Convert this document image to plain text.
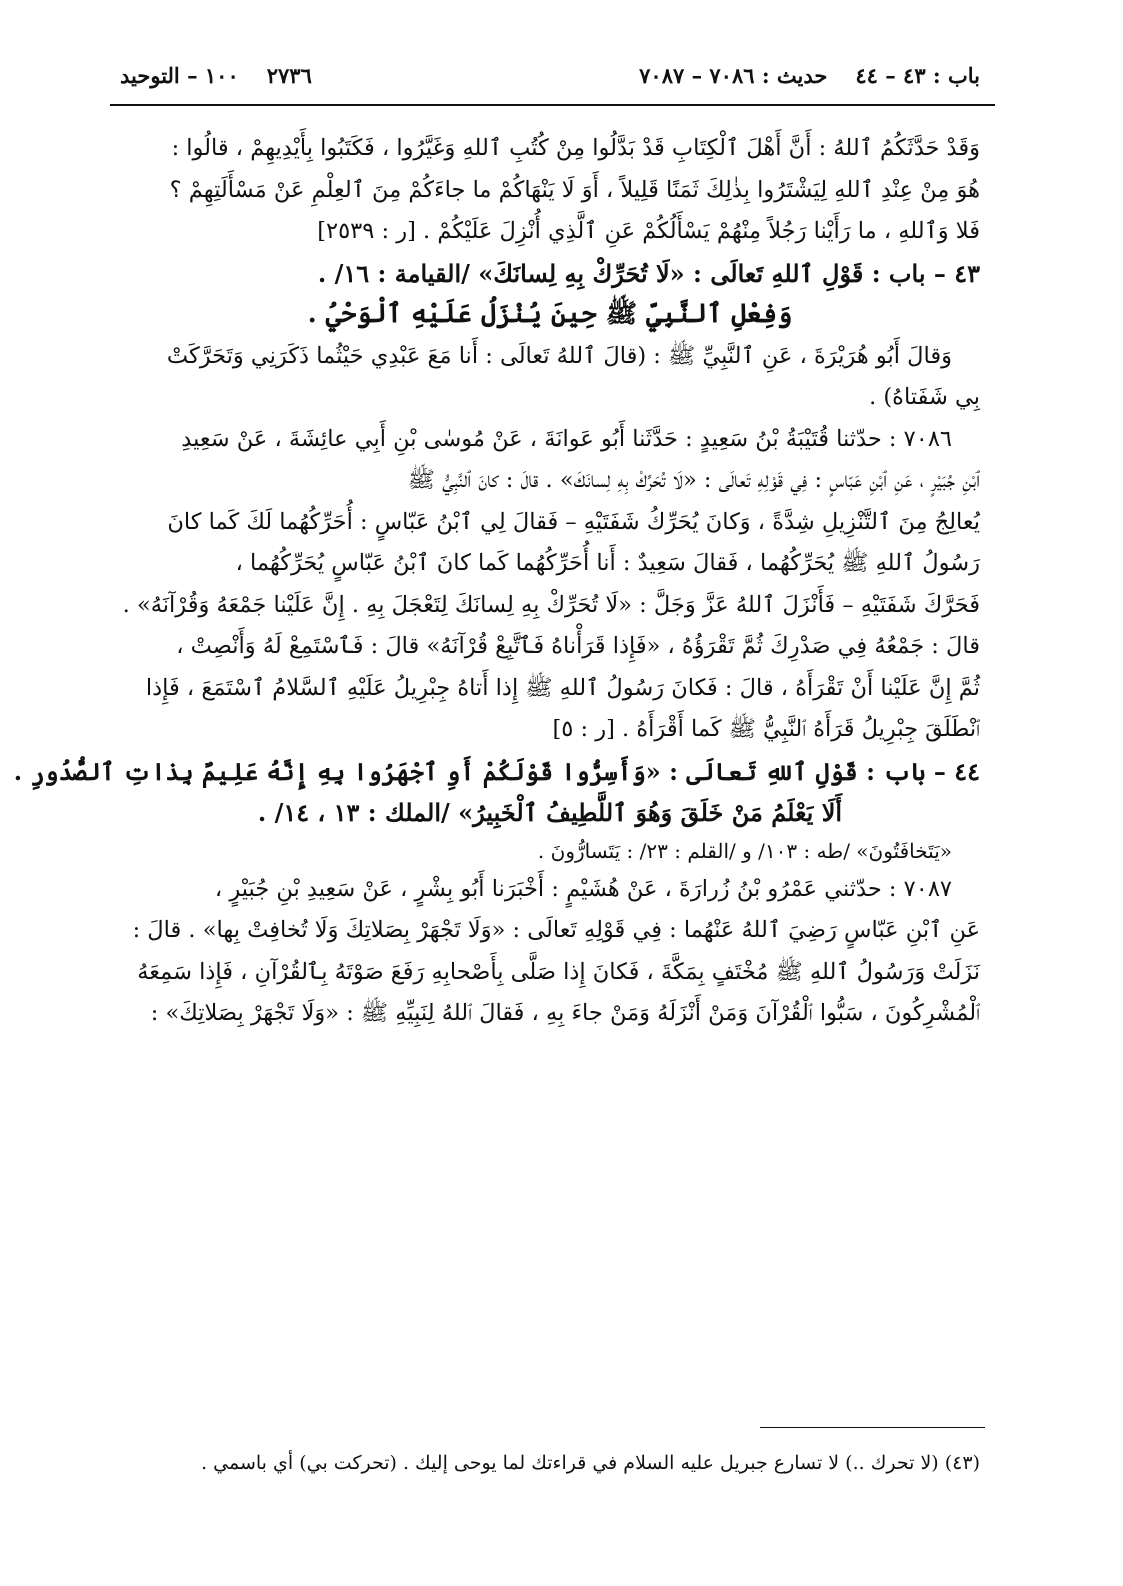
٢٧٣٦
١٠٠ – التوحيد	باب : ٤٣ – ٤٤
حديث : ٧٠٨٦ – ٧٠٨٧

وَقَدْ حَدَّثَكُمُ ٱللهُ : أَنَّ أَهْلَ ٱلْكِتَابِ قَدْ بَدَّلُوا مِنْ كُتُبِ ٱللهِ وَغَيَّرُوا ، فَكَتَبُوا بِأَيْدِيهِمْ ، قالُوا :

هُوَ مِنْ عِنْدِ ٱللهِ لِيَشْتَرُوا بِذٰلِكَ ثَمَنًا قَلِيلاً ، أَوَ لَا يَنْهَاكُمْ ما جاءَكُمْ مِنَ ٱلعِلْمِ عَنْ مَسْأَلَتِهِمْ ؟

فَلا وَٱللهِ ، ما رَأَيْنا رَجُلاً مِنْهُمْ يَسْأَلُكُمْ عَنِ ٱلَّذِي أُنْزِلَ عَلَيْكُمْ . [ر : ٢٥٣٩]

٤٣ – باب : قَوْلِ ٱللهِ تَعالَى : «لَا تُحَرِّكْ بِهِ لِسانَكَ» /القيامة : ١٦/ .

وَفِعْلِ ٱلنَّبِيِّ ﷺ حِينَ يُنْزَلُ عَلَيْهِ ٱلْوَحْيُ .

وَقالَ أَبُو هُرَيْرَةَ ، عَنِ ٱلنَّبِيِّ ﷺ : (قالَ ٱللهُ تَعالَى : أَنا مَعَ عَبْدِي حَيْثُما ذَكَرَنِي وَتَحَرَّكَتْ

بِي شَفَتاهُ) .

٧٠٨٦ : حدّثنا قُتَيْبَةُ بْنُ سَعِيدٍ : حَدَّثَنا أَبُو عَوانَةَ ، عَنْ مُوسٰى بْنِ أَبِي عائِشَةَ ، عَنْ سَعِيدِ

ٱبْنِ جُبَيْرٍ ، عَنِ ٱبْنِ عَبّاسٍ : فِي قَوْلِهِ تَعالَى : «لَا تُحَرِّكْ بِهِ لِسانَكَ» . قالَ : كانَ ٱلنَّبِيُّ ﷺ

يُعالِجُ مِنَ ٱلتَّنْزِيلِ شِدَّةً ، وَكانَ يُحَرِّكُ شَفَتَيْهِ – فَقالَ لِي ٱبْنُ عَبّاسٍ : أُحَرِّكُهُما لَكَ كَما كانَ

رَسُولُ ٱللهِ ﷺ يُحَرِّكُهُما ، فَقالَ سَعِيدٌ : أَنا أُحَرِّكُهُما كَما كانَ ٱبْنُ عَبّاسٍ يُحَرِّكُهُما ،

فَحَرَّكَ شَفَتَيْهِ – فَأَنْزَلَ ٱللهُ عَزَّ وَجَلَّ : «لَا تُحَرِّكْ بِهِ لِسانَكَ لِتَعْجَلَ بِهِ . إِنَّ عَلَيْنا جَمْعَهُ وَقُرْآنَهُ» .

قالَ : جَمْعُهُ فِي صَدْرِكَ ثُمَّ تَقْرَؤُهُ ، «فَإِذا قَرَأْناهُ فَٱتَّبِعْ قُرْآنَهُ» قالَ : فَٱسْتَمِعْ لَهُ وَأَنْصِتْ ،

ثُمَّ إِنَّ عَلَيْنا أَنْ تَقْرَأَهُ ، قالَ : فَكانَ رَسُولُ ٱللهِ ﷺ إِذا أَتاهُ جِبْرِيلُ عَلَيْهِ ٱلسَّلامُ ٱسْتَمَعَ ، فَإِذا

ٱنْطَلَقَ جِبْرِيلُ قَرَأَهُ ٱلنَّبِيُّ ﷺ كَما أَقْرَأَهُ . [ر : ٥]

٤٤ – باب : قَوْلِ ٱللهِ تَعالَى : «وَأَسِرُّوا قَوْلَكُمْ أَوِ ٱجْهَرُوا بِهِ إِنَّهُ عَلِيمٌ بِذاتِ ٱلصُّدُورِ .

أَلَا يَعْلَمُ مَنْ خَلَقَ وَهُوَ ٱللَّطِيفُ ٱلْخَبِيرُ» /الملك : ١٣ ، ١٤/ .

«يَتَخافَتُونَ» /طه : ١٠٣/ و /القلم : ٢٣/ : يَتَسارُّونَ .

٧٠٨٧ : حدّثني عَمْرُو بْنُ زُرارَةَ ، عَنْ هُشَيْمٍ : أَخْبَرَنا أَبُو بِشْرٍ ، عَنْ سَعِيدِ بْنِ جُبَيْرٍ ،

عَنِ ٱبْنِ عَبّاسٍ رَضِيَ ٱللهُ عَنْهُما : فِي قَوْلِهِ تَعالَى : «وَلَا تَجْهَرْ بِصَلاتِكَ وَلَا تُخافِتْ بِها» . قالَ :

نَزَلَتْ وَرَسُولُ ٱللهِ ﷺ مُخْتَفٍ بِمَكَّةَ ، فَكانَ إِذا صَلَّى بِأَصْحابِهِ رَفَعَ صَوْتَهُ بِٱلقُرْآنِ ، فَإِذا سَمِعَهُ

ٱلْمُشْرِكُونَ ، سَبُّوا ٱلْقُرْآنَ وَمَنْ أَنْزَلَهُ وَمَنْ جاءَ بِهِ ، فَقالَ ٱللهُ لِنَبِيِّهِ ﷺ : «وَلَا تَجْهَرْ بِصَلاتِكَ» :

(٤٣) (لا تحرك ..) لا تسارع جبريل عليه السلام في قراءتك لما يوحى إليك . (تحركت بي) أي باسمي .
